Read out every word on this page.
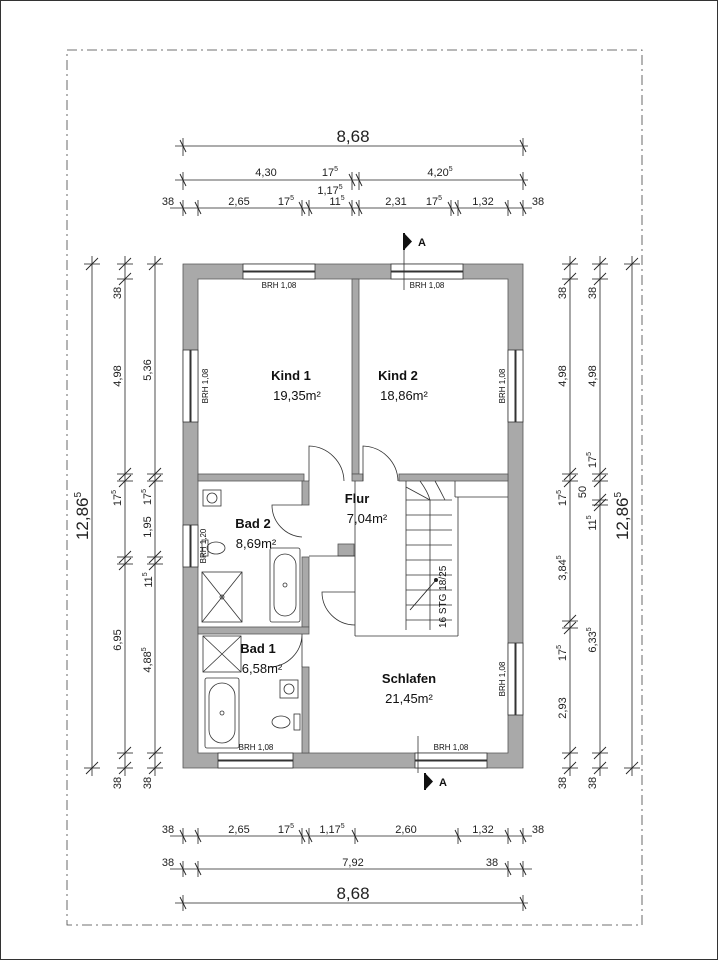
8,68
4,30	$17^5$	4,20$^5$
1,17$^5$
38	2,65	$17^5$	$11^5$	2,31 $17^5$	1,32	38
38	2,65	$17^5$ 1,17$^5$	2,60	1,32	38
38	7,92	38
8,68
12,86$^5$
38
4,98
$17^5$
$11^5$
6,95
38
5,36
$17^5$
1,95
4,88$^5$
38
38
4,98
$17^5$
3,84$^5$
$17^5$
2,93
38
38
4,98
$17^5$
50
$11^5$
6,33$^5$
38
12,86$^5$
16 STG 18/25
BRH 1,08	BRH 1,08
BRH 1,08
BRH 1,20
BRH 1,08
BRH 1,08
BRH 1,08	BRH 1,08
A
A
Kind 1
19,35m²
Kind 2
18,86m²
Flur
7,04m²
Bad 2
8,69m²
Bad 1
6,58m²
Schlafen
21,45m²
